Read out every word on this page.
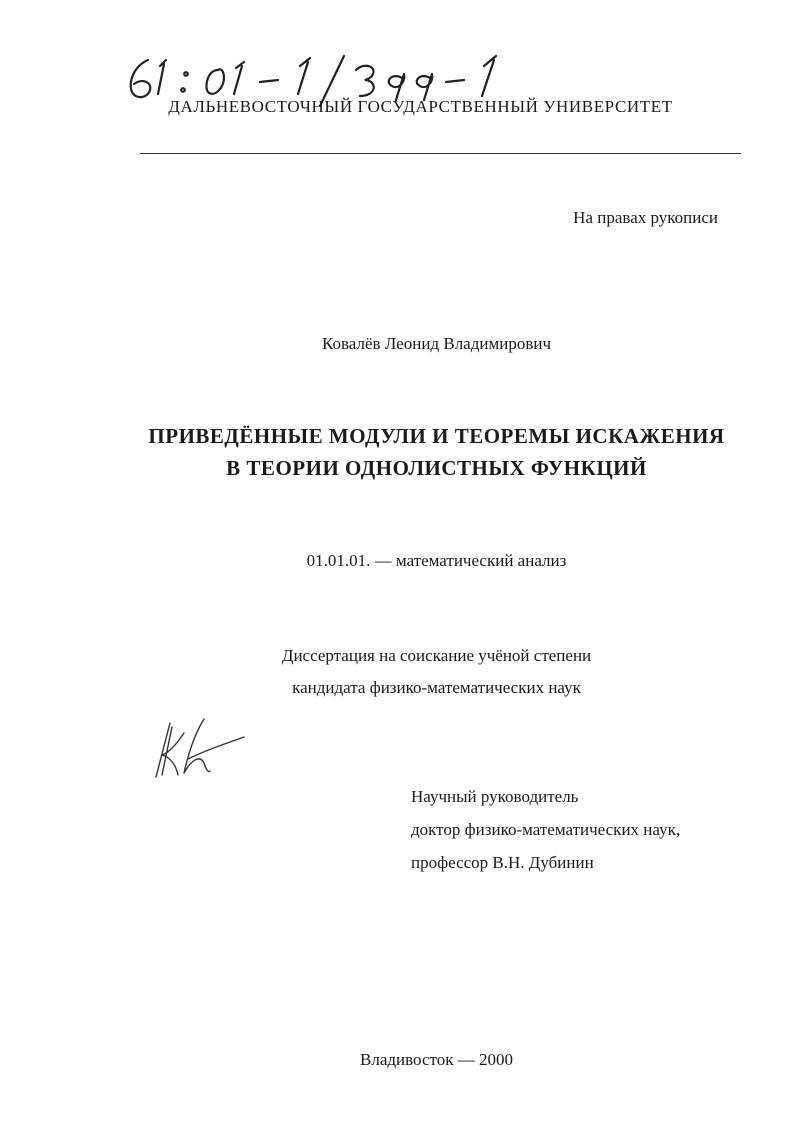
ДАЛЬНЕВОСТОЧНЫЙ ГОСУДАРСТВЕННЫЙ УНИВЕРСИТЕТ
На правах рукописи
Ковалёв Леонид Владимирович
ПРИВЕДЁННЫЕ МОДУЛИ И ТЕОРЕМЫ ИСКАЖЕНИЯ
В ТЕОРИИ ОДНОЛИСТНЫХ ФУНКЦИЙ
01.01.01. — математический анализ
Диссертация на соискание учёной степени
кандидата физико-математических наук
Научный руководитель
доктор физико-математических наук,
профессор В.Н. Дубинин
Владивосток — 2000
